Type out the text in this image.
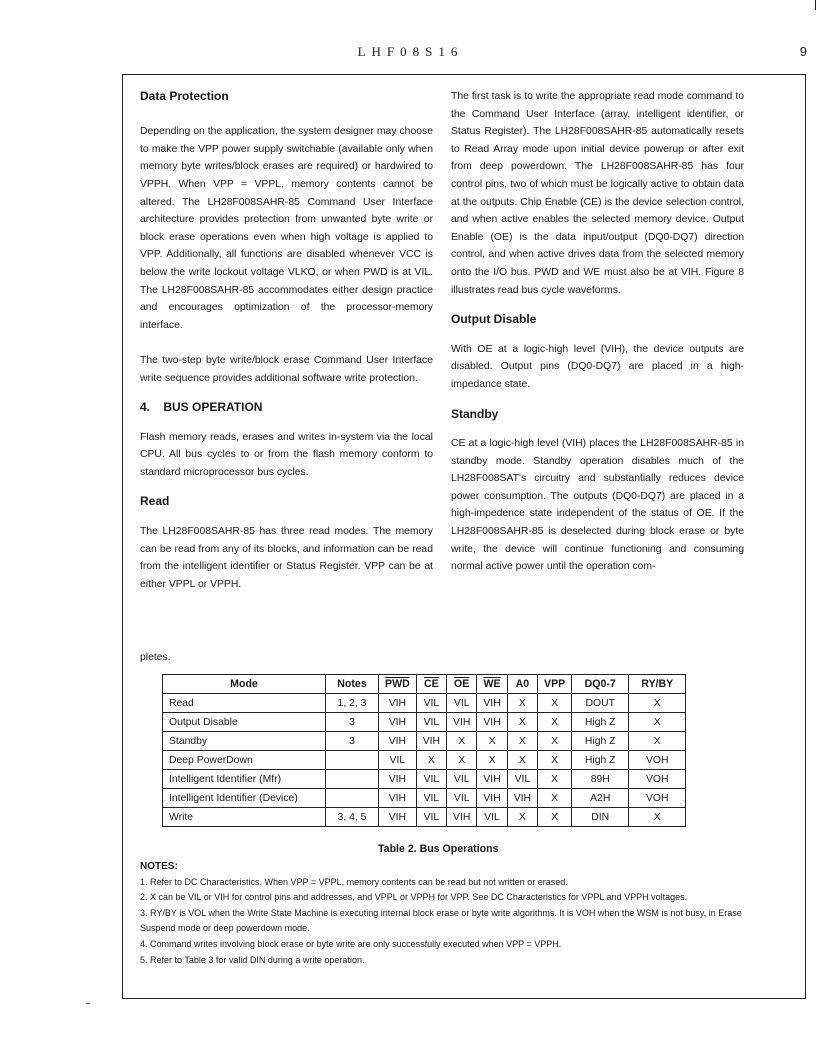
LHF08S16	9

Data Protection

Depending on the application, the system designer may choose to make the VPP power supply switchable (available only when memory byte writes/block erases are required) or hardwired to VPPH. When VPP = VPPL, memory contents cannot be altered. The LH28F008SAHR-85 Command User Interface architecture provides protection from unwanted byte write or block erase operations even when high voltage is applied to VPP. Additionally, all functions are disabled whenever VCC is below the write lockout voltage VLKO, or when PWD is at VIL. The LH28F008SAHR-85 accommodates either design practice and encourages optimization of the processor-memory interface.

The two-step byte write/block erase Command User Interface write sequence provides additional software write protection.

4.    BUS OPERATION

Flash memory reads, erases and writes in-system via the local CPU. All bus cycles to or from the flash memory conform to standard microprocessor bus cycles.

Read

The LH28F008SAHR-85 has three read modes. The memory can be read from any of its blocks, and information can be read from the intelligent identifier or Status Register. VPP can be at either VPPL or VPPH.

The first task is to write the appropriate read mode command to the Command User Interface (array, intelligent identifier, or Status Register). The LH28F008SAHR-85 automatically resets to Read Array mode upon initial device powerup or after exit from deep powerdown. The LH28F008SAHR-85 has four control pins, two of which must be logically active to obtain data at the outputs. Chip Enable (CE) is the device selection control, and when active enables the selected memory device. Output Enable (OE) is the data input/output (DQ0-DQ7) direction control, and when active drives data from the selected memory onto the I/O bus. PWD and WE must also be at VIH. Figure 8 illustrates read bus cycle waveforms.

Output Disable

With OE at a logic-high level (VIH), the device outputs are disabled. Output pins (DQ0-DQ7) are placed in a high-impedance state.

Standby

CE at a logic-high level (VIH) places the LH28F008SAHR-85 in standby mode. Standby operation disables much of the LH28F008SAT's circuitry and substantially reduces device power consumption. The outputs (DQ0-DQ7) are placed in a high-impedence state independent of the status of OE. If the LH28F008SAHR-85 is deselected during block erase or byte write, the device will continue functioning and consuming normal active power until the operation com-

pletes.
Mode	Notes	$\overline{PWD}$	$\overline{CE}$	$\overline{OE}$	$\overline{WE}$	A0	VPP	DQ0-7	RY/BY
Read	1, 2, 3	VIH	VIL	VIL	VIH	X	X	DOUT	X
Output Disable	3	VIH	VIL	VIH	VIH	X	X	High Z	X
Standby	3	VIH	VIH	X	X	X	X	High Z	X
Deep PowerDown		VIL	X	X	X	X	X	High Z	VOH
Intelligent Identifier (Mfr)		VIH	VIL	VIL	VIH	VIL	X	89H	VOH
Intelligent Identifier (Device)		VIH	VIL	VIL	VIH	VIH	X	A2H	VOH
Write	3, 4, 5	VIH	VIL	VIH	VIL	X	X	DIN	X
Table 2. Bus Operations
NOTES:
1. Refer to DC Characteristics. When VPP = VPPL, memory contents can be read but not written or erased.
2. X can be VIL or VIH for control pins and addresses, and VPPL or VPPH for VPP. See DC Characteristics for VPPL and VPPH voltages.
3. RY/BY is VOL when the Write State Machine is executing internal block erase or byte write algorithms. It is VOH when the WSM is not busy, in Erase Suspend mode or deep powerdown mode.
4. Command writes involving block erase or byte write are only successfully executed when VPP = VPPH.
5. Refer to Table 3 for valid DIN during a write operation.
